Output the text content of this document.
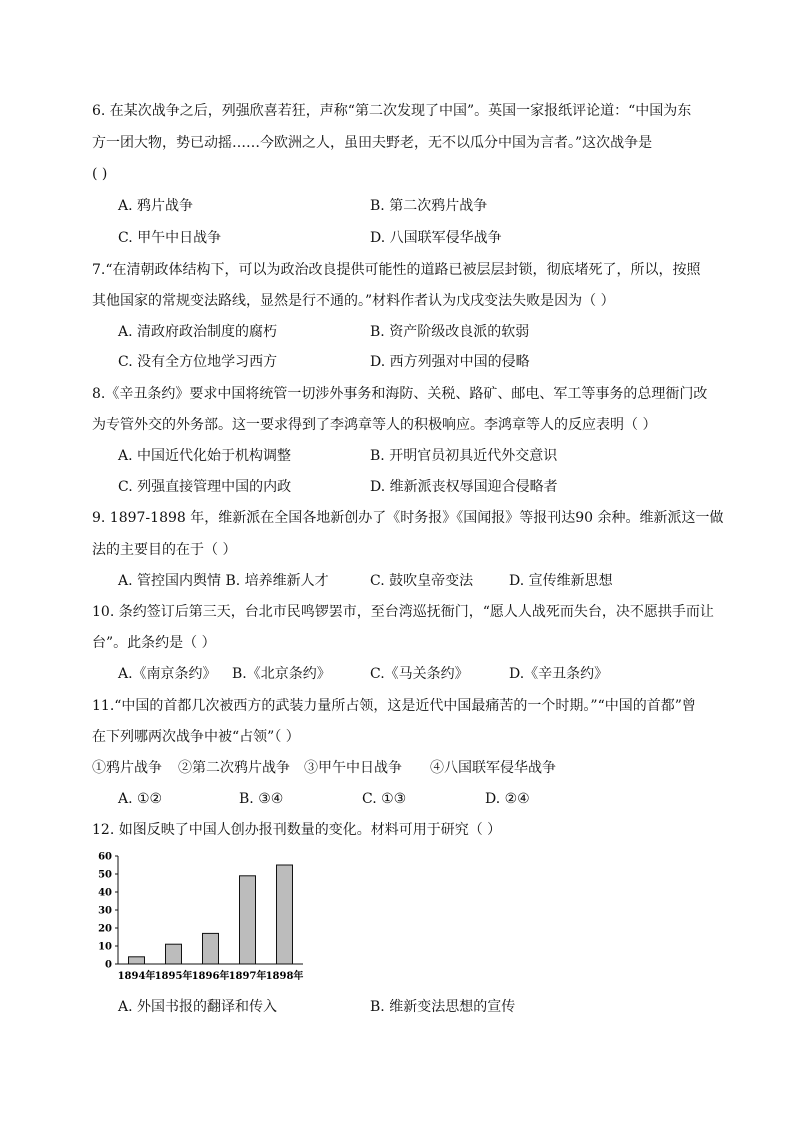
6. 在某次战争之后，列强欣喜若狂，声称“第二次发现了中国”。英国一家报纸评论道：“中国为东
方一团大物，势已动摇……今欧洲之人，虽田夫野老，无不以瓜分中国为言者。”这次战争是
( )
A. 鸦片战争	B. 第二次鸦片战争
C. 甲午中日战争	D. 八国联军侵华战争
7.“在清朝政体结构下，可以为政治改良提供可能性的道路已被层层封锁，彻底堵死了，所以，按照
其他国家的常规变法路线，显然是行不通的。”材料作者认为戊戌变法失败是因为（ ）
A. 清政府政治制度的腐朽	B. 资产阶级改良派的软弱
C. 没有全方位地学习西方	D. 西方列强对中国的侵略
8.《辛丑条约》要求中国将统管一切涉外事务和海防、关税、路矿、邮电、军工等事务的总理衙门改
为专管外交的外务部。这一要求得到了李鸿章等人的积极响应。李鸿章等人的反应表明（ ）
A. 中国近代化始于机构调整	B. 开明官员初具近代外交意识
C. 列强直接管理中国的内政	D. 维新派丧权辱国迎合侵略者
9. 1897-1898 年，维新派在全国各地新创办了《时务报》《国闻报》等报刊达90 余种。维新派这一做
法的主要目的在于（ ）
A. 管控国内舆情 B. 培养维新人才	C. 鼓吹皇帝变法	D. 宣传维新思想
10. 条约签订后第三天，台北市民鸣锣罢市，至台湾巡抚衙门，“愿人人战死而失台，决不愿拱手而让
台”。此条约是（ ）
A.《南京条约》 B.《北京条约》	C.《马关条约》	D.《辛丑条约》
11.“中国的首都几次被西方的武装力量所占领，这是近代中国最痛苦的一个时期。”“中国的首都”曾
在下列哪两次战争中被“占领”（ ）
①鸦片战争 ②第二次鸦片战争 ③甲午中日战争 ④八国联军侵华战争
A. ①②	B. ③④	C. ①③	D. ②④
12. 如图反映了中国人创办报刊数量的变化。材料可用于研究（ ）
0
10
20
30
40
50
60
1894年 1895年 1896年 1897年 1898年
A. 外国书报的翻译和传入	B. 维新变法思想的宣传
